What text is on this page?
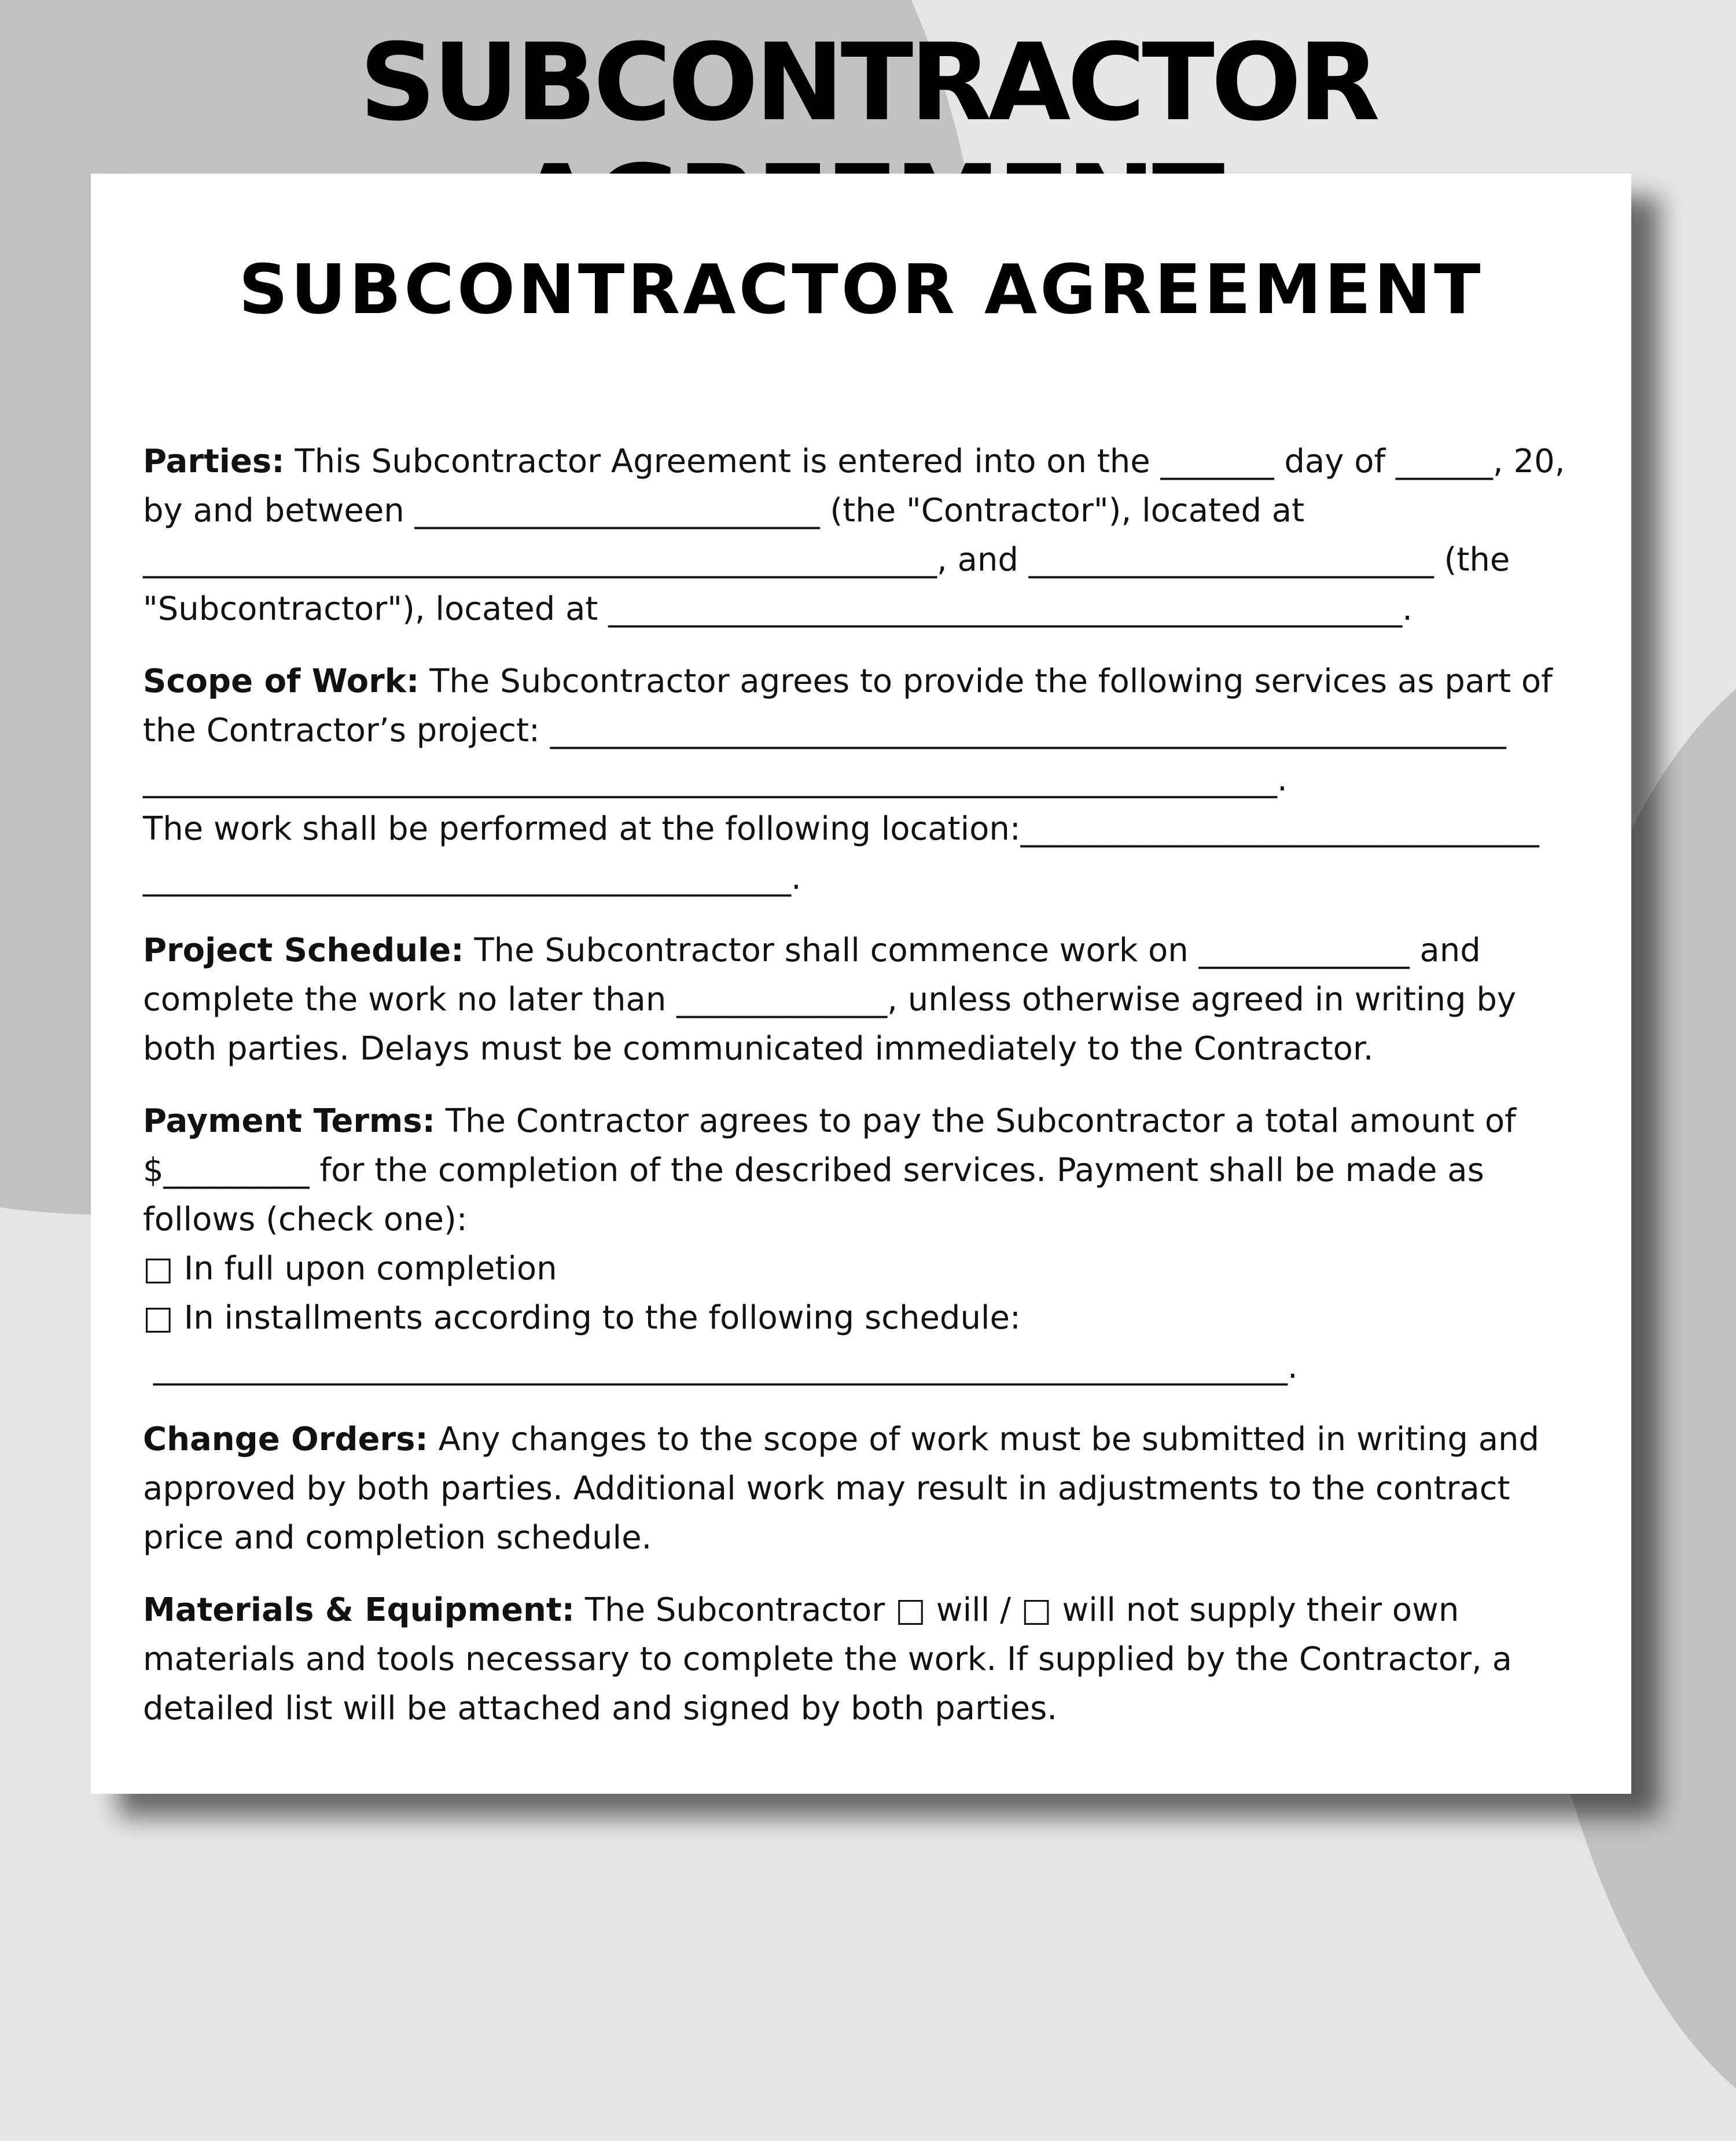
SUBCONTRACTOR
SUBCONTRACTOR AGREEMENT

Parties: This Subcontractor Agreement is entered into on the _______ day of ______, 20,
by and between _________________________ (the "Contractor"), located at
_________________________________________________, and _________________________ (the
"Subcontractor"), located at _________________________________________________.

Scope of Work: The Subcontractor agrees to provide the following services as part of
the Contractor’s project: ___________________________________________________________
______________________________________________________________________.
The work shall be performed at the following location:________________________________
________________________________________.

Project Schedule: The Subcontractor shall commence work on _____________ and
complete the work no later than _____________, unless otherwise agreed in writing by
both parties. Delays must be communicated immediately to the Contractor.

Payment Terms: The Contractor agrees to pay the Subcontractor a total amount of
$_________ for the completion of the described services. Payment shall be made as
follows (check one):
□ In full upon completion
□ In installments according to the following schedule:
______________________________________________________________________.

Change Orders: Any changes to the scope of work must be submitted in writing and
approved by both parties. Additional work may result in adjustments to the contract
price and completion schedule.

Materials & Equipment: The Subcontractor □ will / □ will not supply their own
materials and tools necessary to complete the work. If supplied by the Contractor, a
detailed list will be attached and signed by both parties.
